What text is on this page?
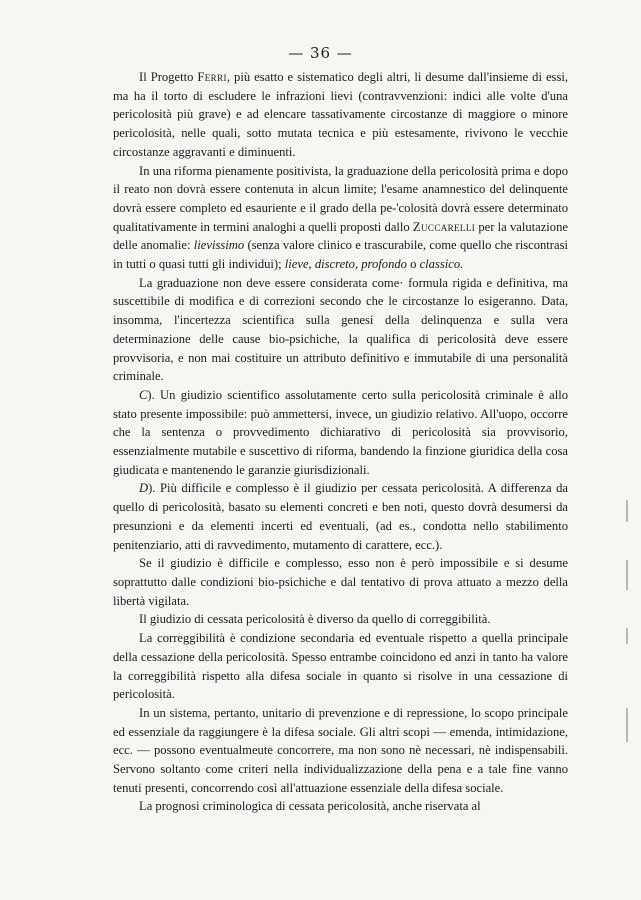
— 36 —

Il Progetto Ferri, più esatto e sistematico degli altri, li desume dall'insieme di essi, ma ha il torto di escludere le infrazioni lievi (contravvenzioni: indici alle volte d'una pericolosità più grave) e ad elencare tassativamente circostanze di maggiore o minore pericolosità, nelle quali, sotto mutata tecnica e più estesamente, rivivono le vecchie circostanze aggravanti e diminuenti.

In una riforma pienamente positivista, la graduazione della pericolosità prima e dopo il reato non dovrà essere contenuta in alcun limite; l'esame anamnestico del delinquente dovrà essere completo ed esauriente e il grado della pe-'colosità dovrà essere determinato qualitativamente in termini analoghi a quelli proposti dallo Zuccarelli per la valutazione delle anomalie: lievissimo (senza valore clinico e trascurabile, come quello che riscontrasi in tutti o quasi tutti gli individui); lieve, discreto, profondo o classico.

La graduazione non deve essere considerata come· formula rigida e definitiva, ma suscettibile di modifica e di correzioni secondo che le circostanze lo esigeranno. Data, insomma, l'incertezza scientifica sulla genesi della delinquenza e sulla vera determinazione delle cause bio-psichiche, la qualifica di pericolosità deve essere provvisoria, e non mai costituire un attributo definitivo e immutabile di una personalità criminale.

C). Un giudizio scientifico assolutamente certo sulla pericolosità criminale è allo stato presente impossibile: può ammettersi, invece, un giudizio relativo. All'uopo, occorre che la sentenza o provvedimento dichiarativo di pericolosità sia provvisorio, essenzialmente mutabile e suscettivo di riforma, bandendo la finzione giuridica della cosa giudicata e mantenendo le garanzie giurisdizionali.

D). Più difficile e complesso è il giudizio per cessata pericolosità. A differenza da quello di pericolosità, basato su elementi concreti e ben noti, questo dovrà desumersi da presunzioni e da elementi incerti ed eventuali, (ad es., condotta nello stabilimento penitenziario, atti di ravvedimento, mutamento di carattere, ecc.).

Se il giudizio è difficile e complesso, esso non è però impossibile e si desume soprattutto dalle condizioni bio-psichiche e dal tentativo di prova attuato a mezzo della libertà vigilata.

Il giudizio di cessata pericolosità è diverso da quello di correggibilità.

La correggibilità è condizione secondaria ed eventuale rispetto a quella principale della cessazione della pericolosità. Spesso entrambe coincidono ed anzi in tanto ha valore la correggibilità rispetto alla difesa sociale in quanto si risolve in una cessazione di pericolosità.

In un sistema, pertanto, unitario di prevenzione e di repressione, lo scopo principale ed essenziale da raggiungere è la difesa sociale. Gli altri scopi — emenda, intimidazione, ecc. — possono eventualmeute concorrere, ma non sono nè necessari, nè indispensabili. Servono soltanto come criteri nella individualizzazione della pena e a tale fine vanno tenuti presenti, concorrendo così all'attuazione essenziale della difesa sociale.

La prognosi criminologica di cessata pericolosità, anche riservata al
